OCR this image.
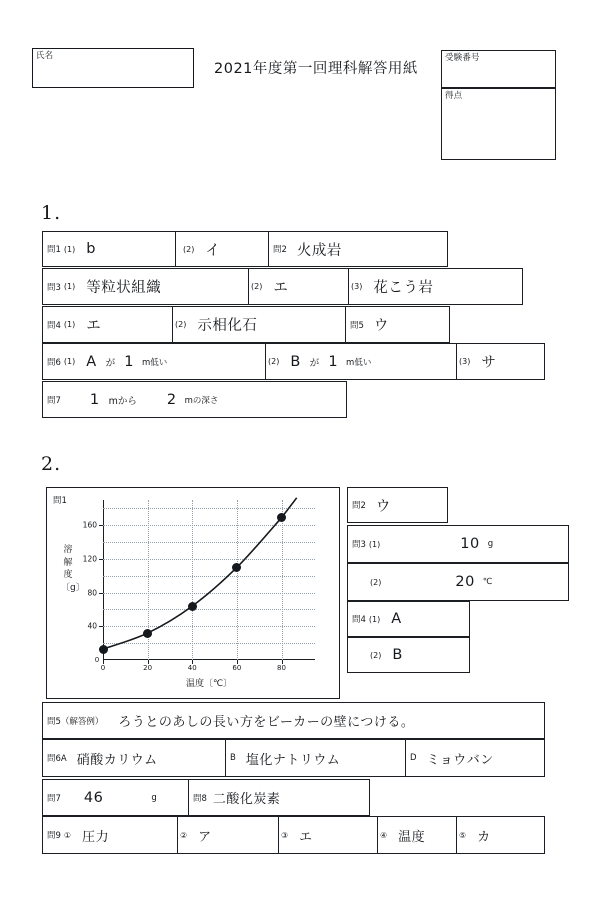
氏名
2021年度第一回理科解答用紙
受験番号
得点
1.
問1 (1) b	(2) イ	問2 火成岩
問3 (1) 等粒状組織	(2) エ	(3) 花こう岩
問4 (1) エ	(2) 示相化石	問5 ウ
問6 (1) A が 1 m低い	(2) B が 1 m低い	(3) サ
問7 1 mから 2 mの深さ
2.
問1
40
80
120
160
0	20	40	60	80
溶
解
度
〔g〕
温度〔℃〕
0
問2 ウ
問3 (1)	10 g
(2)	20 ℃
問4 (1) A
(2) B
問5（解答例） ろうとのあしの長い方をビーカーの壁につける。
問6A 硝酸カリウム	B 塩化ナトリウム	D ミョウバン
問7 46	g	問8 二酸化炭素
問9 ① 圧力	② ア	③ エ	④ 温度	⑤ カ
